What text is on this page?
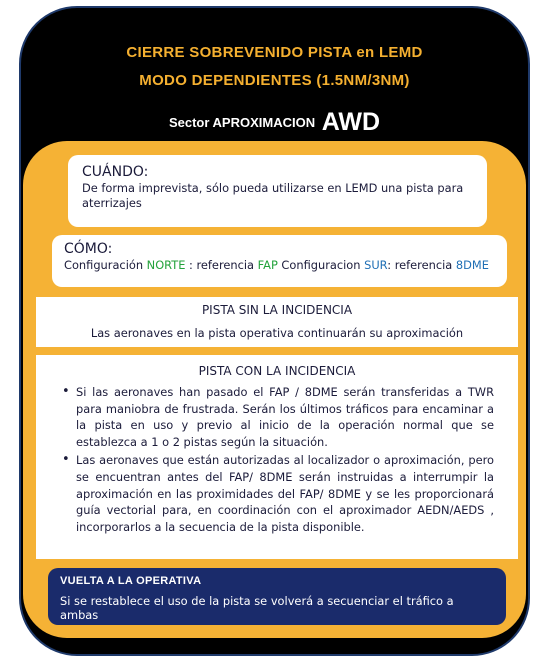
CIERRE SOBREVENIDO PISTA en LEMD
MODO DEPENDIENTES (1.5NM/3NM)
Sector APROXIMACION AWD
CUÁNDO:

De forma imprevista, sólo pueda utilizarse en LEMD una pista para aterrizajes

CÓMO:

Configuración NORTE : referencia FAP Configuracion SUR: referencia 8DME

PISTA SIN LA INCIDENCIA
Las aeronaves en la pista operativa continuarán su aproximación
PISTA CON LA INCIDENCIA
• Si las aeronaves han pasado el FAP / 8DME serán transferidas a TWR para maniobra de frustrada. Serán los últimos tráficos para encaminar a la pista en uso y previo al inicio de la operación normal que se establezca a 1 o 2 pistas según la situación.
• Las aeronaves que están autorizadas al localizador o aproximación, pero se encuentran antes del FAP/ 8DME serán instruidas a interrumpir la aproximación en las proximidades del FAP/ 8DME y se les proporcionará guía vectorial para, en coordinación con el aproximador AEDN/AEDS , incorporarlos a la secuencia de la pista disponible.
VUELTA A LA OPERATIVA
Si se restablece el uso de la pista se volverá a secuenciar el tráfico a ambas
